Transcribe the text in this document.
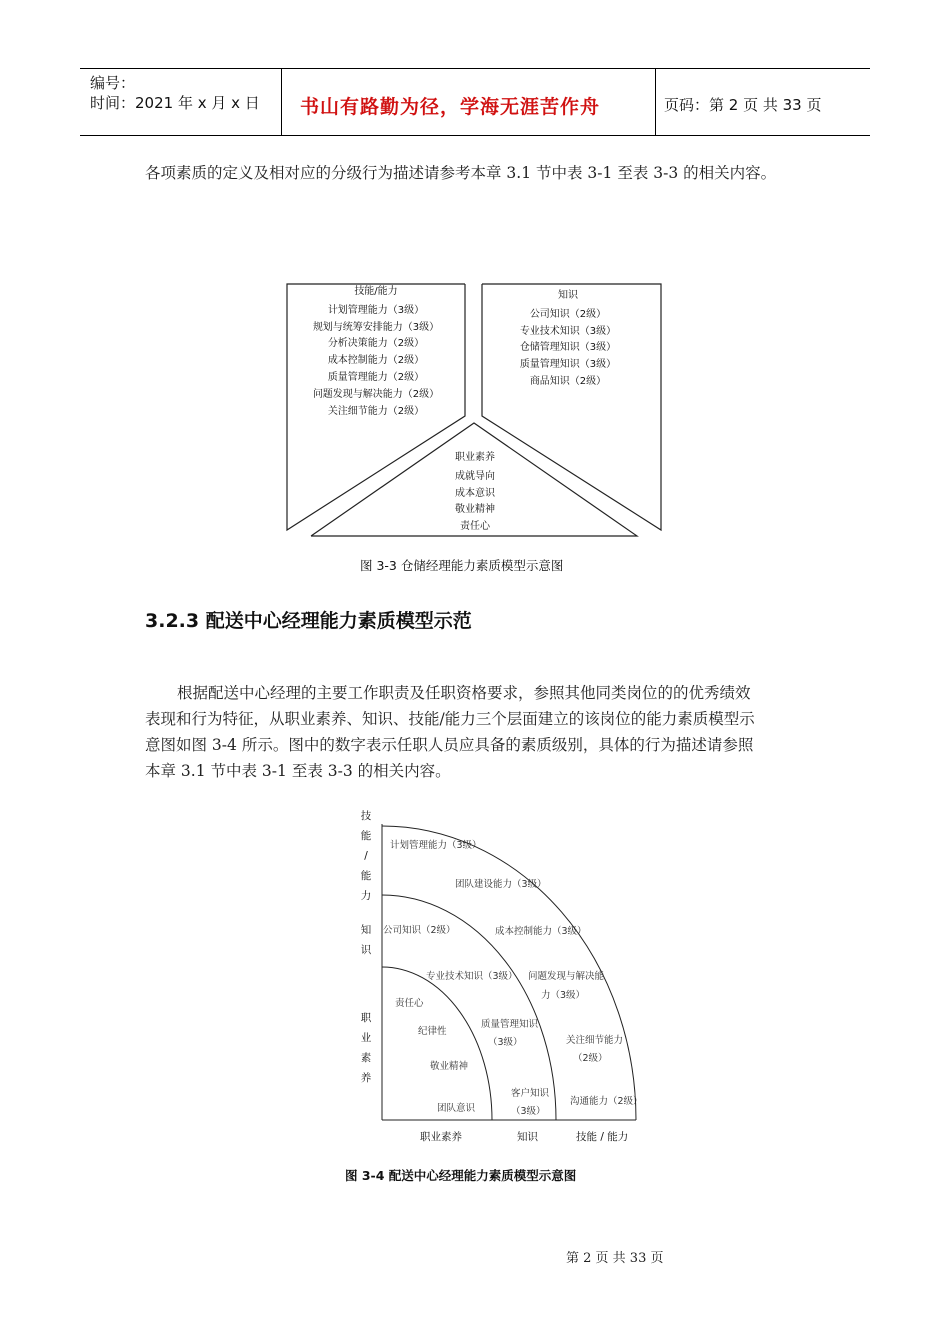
编号：
时间：2021 年 x 月 x 日 书山有路勤为径，学海无涯苦作舟	页码：第 2 页 共 33 页

各项素质的定义及相对应的分级行为描述请参考本章 3.1 节中表 3-1 至表 3-3 的相关内容。

技能/能力
计划管理能力（3级）
规划与统筹安排能力（3级）
分析决策能力（2级）
成本控制能力（2级）
质量管理能力（2级）
问题发现与解决能力（2级）
关注细节能力（2级）
知识
公司知识（2级）
专业技术知识（3级）
仓储管理知识（3级）
质量管理知识（3级）
商品知识（2级）
职业素养
成就导向
成本意识
敬业精神
责任心
图 3-3 仓储经理能力素质模型示意图
3.2.3 配送中心经理能力素质模型示范

根据配送中心经理的主要工作职责及任职资格要求，参照其他同类岗位的的优秀绩效

表现和行为特征，从职业素养、知识、技能/能力三个层面建立的该岗位的能力素质模型示

意图如图 3-4 所示。图中的数字表示任职人员应具备的素质级别，具体的行为描述请参照

本章 3.1 节中表 3-1 至表 3-3 的相关内容。

技
能
/
能
力
知
识
职
业
素
养
计划管理能力（3级）
团队建设能力（3级）
公司知识（2级）	成本控制能力（3级）
专业技术知识（3级） 问题发现与解决能
力（3级）
责任心
纪律性
质量管理知识
（3级）	关注细节能力
（2级）
敬业精神
客户知识
（3级）
团队意识
沟通能力（2级）
职业素养	知识	技能 / 能力
图 3-4 配送中心经理能力素质模型示意图
第 2 页 共 33 页
